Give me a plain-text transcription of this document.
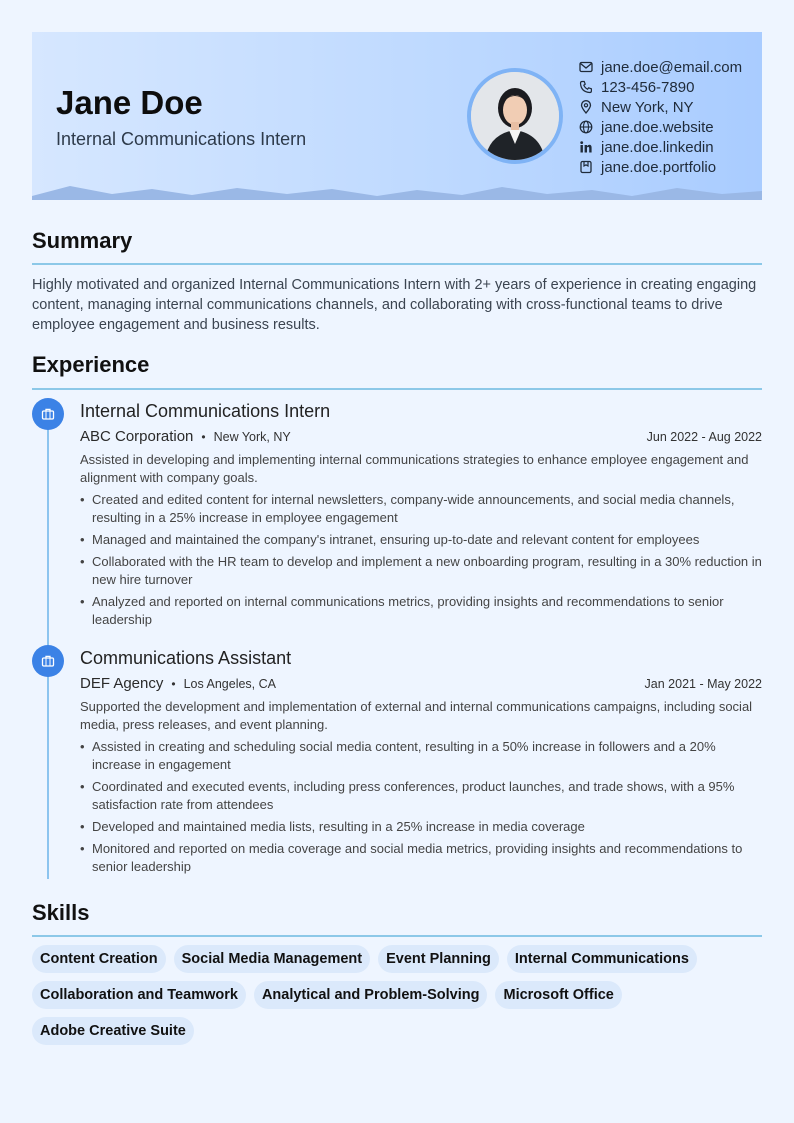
Jane Doe
Internal Communications Intern
jane.doe@email.com
123-456-7890
New York, NY
jane.doe.website
jane.doe.linkedin
jane.doe.portfolio
Summary

Highly motivated and organized Internal Communications Intern with 2+ years of experience in creating engaging content, managing internal communications channels, and collaborating with cross-functional teams to drive employee engagement and business results.

Experience
Internal Communications Intern
ABC Corporation • New York, NY	Jun 2022 - Aug 2022

Assisted in developing and implementing internal communications strategies to enhance employee engagement and alignment with company goals.

• Created and edited content for internal newsletters, company-wide announcements, and social media channels, resulting in a 25% increase in employee engagement
• Managed and maintained the company's intranet, ensuring up-to-date and relevant content for employees
• Collaborated with the HR team to develop and implement a new onboarding program, resulting in a 30% reduction in new hire turnover
• Analyzed and reported on internal communications metrics, providing insights and recommendations to senior leadership
Communications Assistant
DEF Agency • Los Angeles, CA	Jan 2021 - May 2022

Supported the development and implementation of external and internal communications campaigns, including social media, press releases, and event planning.

• Assisted in creating and scheduling social media content, resulting in a 50% increase in followers and a 20% increase in engagement
• Coordinated and executed events, including press conferences, product launches, and trade shows, with a 95% satisfaction rate from attendees
• Developed and maintained media lists, resulting in a 25% increase in media coverage
• Monitored and reported on media coverage and social media metrics, providing insights and recommendations to senior leadership
Skills
Content Creation	Social Media Management	Event Planning	Internal Communications
Collaboration and Teamwork	Analytical and Problem-Solving	Microsoft Office
Adobe Creative Suite
